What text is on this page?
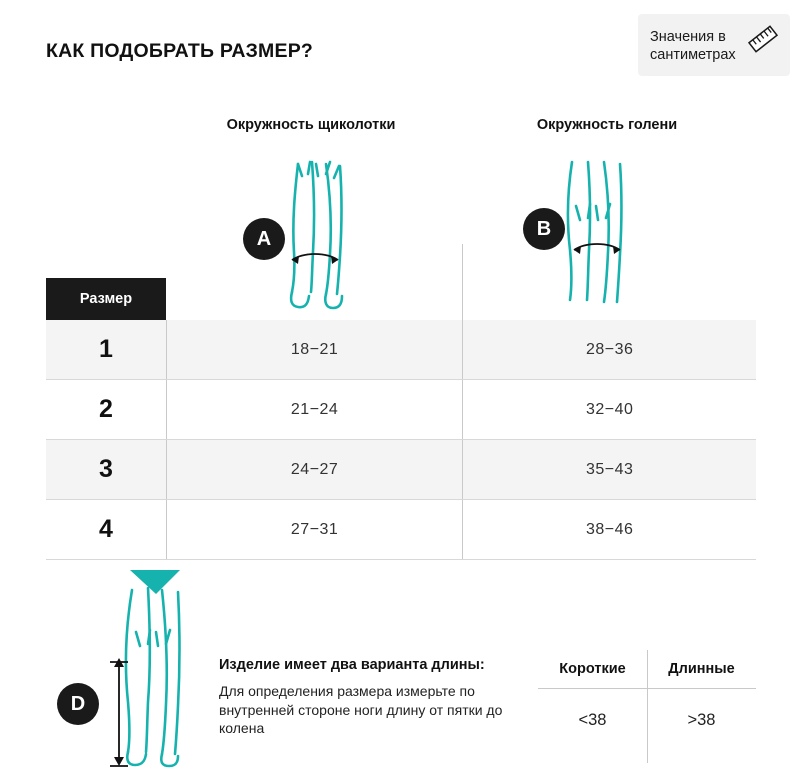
КАК ПОДОБРАТЬ РАЗМЕР?
Значения в сантиметрах
Окружность щиколотки	Окружность голени
A	B
Размер
1	18−21	28−36
2	21−24	32−40
3	24−27	35−43
4	27−31	38−46
D
Изделие имеет два варианта длины:
Для определения размера измерьте по внутренней стороне ноги длину от пятки до колена
Короткие	Длинные
<38	>38
